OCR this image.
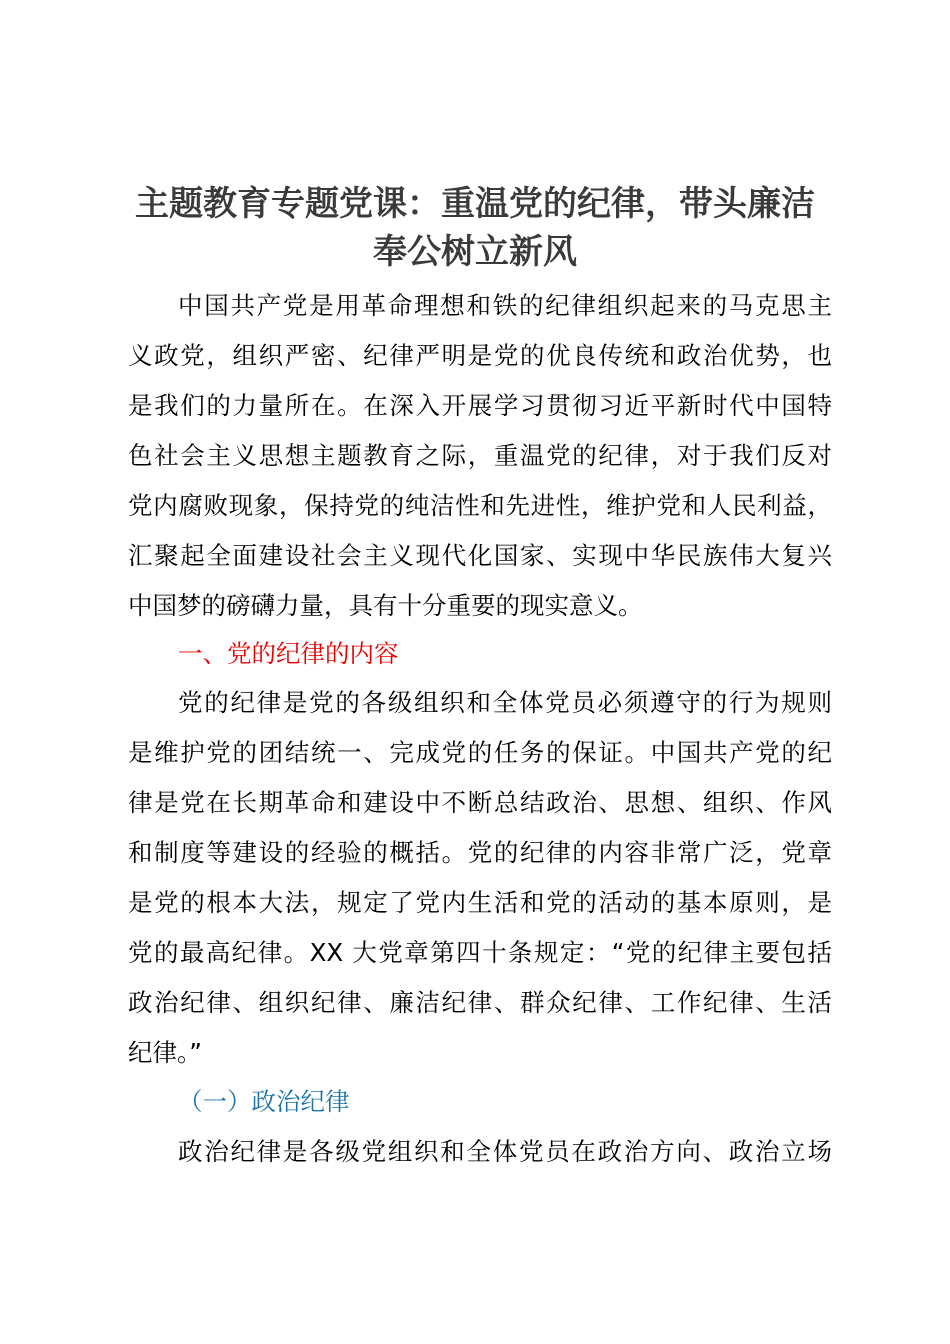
主题教育专题党课：重温党的纪律，带头廉洁
奉公树立新风
中国共产党是用革命理想和铁的纪律组织起来的马克思主
义政党，组织严密、纪律严明是党的优良传统和政治优势，也
是我们的力量所在。在深入开展学习贯彻习近平新时代中国特
色社会主义思想主题教育之际，重温党的纪律，对于我们反对
党内腐败现象，保持党的纯洁性和先进性，维护党和人民利益，
汇聚起全面建设社会主义现代化国家、实现中华民族伟大复兴
中国梦的磅礴力量，具有十分重要的现实意义。
一、党的纪律的内容
党的纪律是党的各级组织和全体党员必须遵守的行为规则
是维护党的团结统一、完成党的任务的保证。中国共产党的纪
律是党在长期革命和建设中不断总结政治、思想、组织、作风
和制度等建设的经验的概括。党的纪律的内容非常广泛，党章
是党的根本大法，规定了党内生活和党的活动的基本原则，是
党的最高纪律。XX 大党章第四十条规定：“党的纪律主要包括
政治纪律、组织纪律、廉洁纪律、群众纪律、工作纪律、生活
纪律。”
（一）政治纪律
政治纪律是各级党组织和全体党员在政治方向、政治立场
